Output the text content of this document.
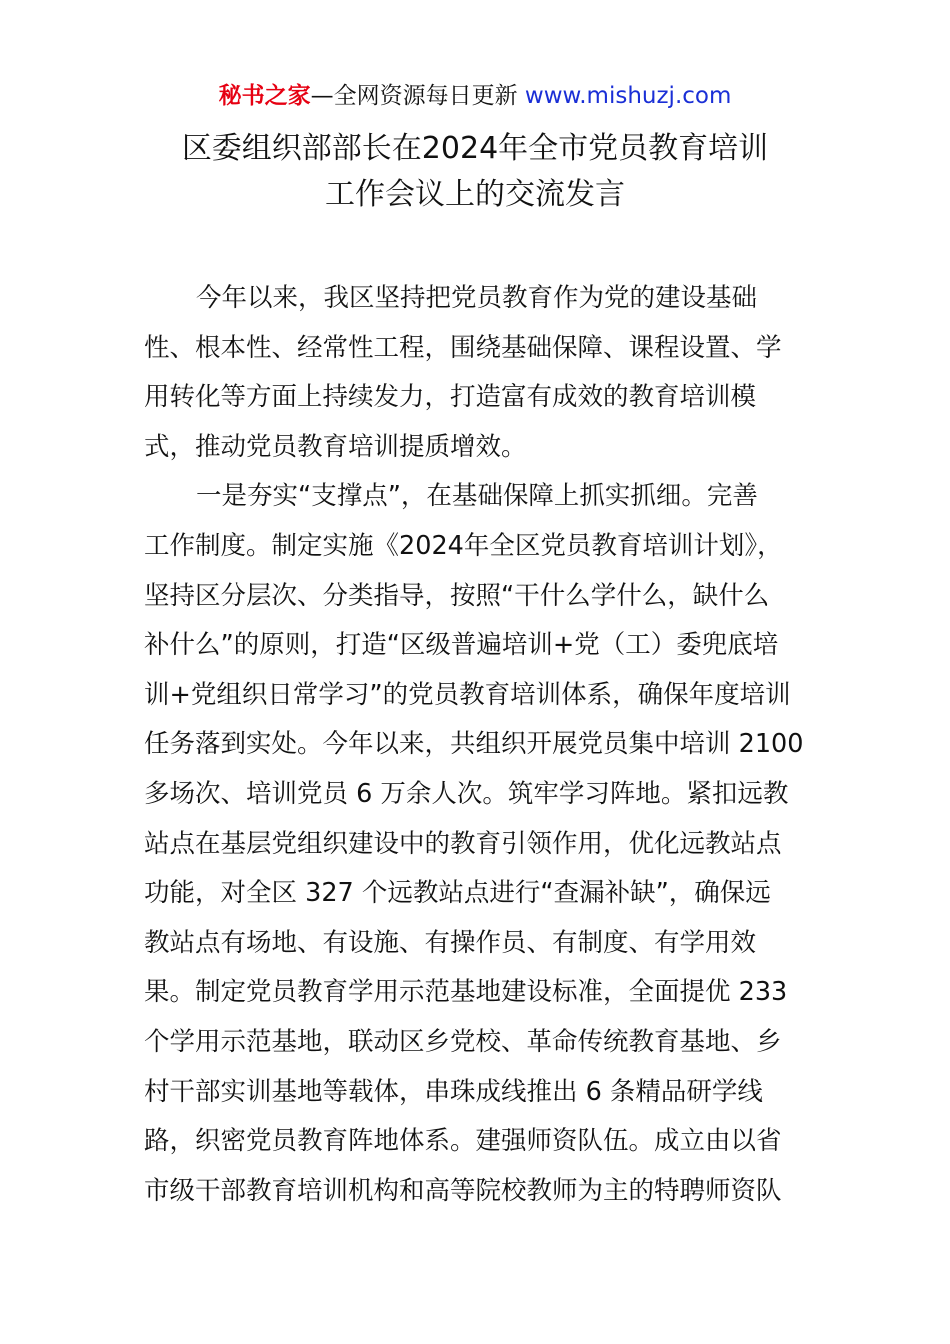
秘书之家—全网资源每日更新 www.mishuzj.com
区委组织部部长在2024年全市党员教育培训
工作会议上的交流发言
今年以来，我区坚持把党员教育作为党的建设基础
性、根本性、经常性工程，围绕基础保障、课程设置、学
用转化等方面上持续发力，打造富有成效的教育培训模
式，推动党员教育培训提质增效。
一是夯实“支撑点”，在基础保障上抓实抓细。完善
工作制度。制定实施《2024年全区党员教育培训计划》，
坚持区分层次、分类指导，按照“干什么学什么，缺什么
补什么”的原则，打造“区级普遍培训+党（工）委兜底培
训+党组织日常学习”的党员教育培训体系，确保年度培训
任务落到实处。今年以来，共组织开展党员集中培训 2100
多场次、培训党员 6 万余人次。筑牢学习阵地。紧扣远教
站点在基层党组织建设中的教育引领作用，优化远教站点
功能，对全区 327 个远教站点进行“查漏补缺”，确保远
教站点有场地、有设施、有操作员、有制度、有学用效
果。制定党员教育学用示范基地建设标准，全面提优 233
个学用示范基地，联动区乡党校、革命传统教育基地、乡
村干部实训基地等载体，串珠成线推出 6 条精品研学线
路，织密党员教育阵地体系。建强师资队伍。成立由以省
市级干部教育培训机构和高等院校教师为主的特聘师资队
